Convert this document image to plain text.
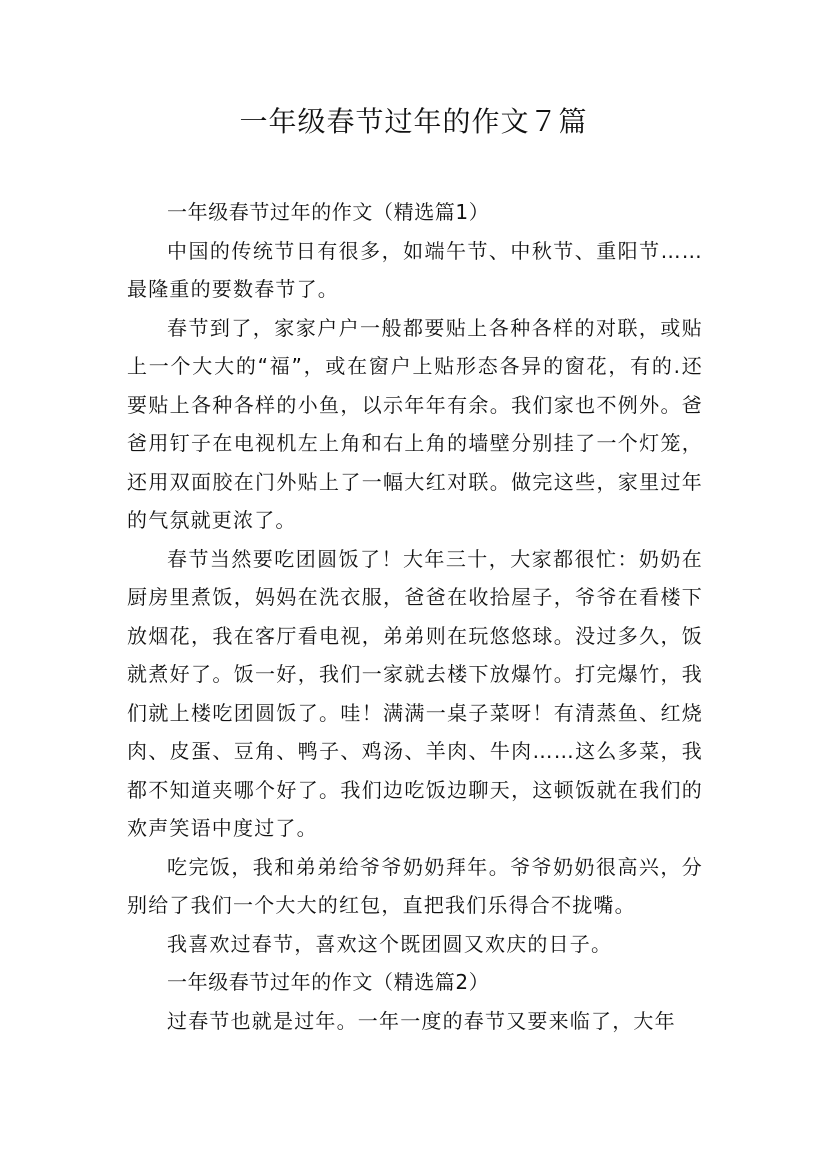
一年级春节过年的作文７篇

一年级春节过年的作文（精选篇1）

中国的传统节日有很多，如端午节、中秋节、重阳节……最隆重的要数春节了。

春节到了，家家户户一般都要贴上各种各样的对联，或贴上一个大大的“福”，或在窗户上贴形态各异的窗花，有的.还要贴上各种各样的小鱼，以示年年有余。我们家也不例外。爸爸用钉子在电视机左上角和右上角的墙壁分别挂了一个灯笼，还用双面胶在门外贴上了一幅大红对联。做完这些，家里过年的气氛就更浓了。

春节当然要吃团圆饭了！大年三十，大家都很忙：奶奶在厨房里煮饭，妈妈在洗衣服，爸爸在收拾屋子，爷爷在看楼下放烟花，我在客厅看电视，弟弟则在玩悠悠球。没过多久，饭就煮好了。饭一好，我们一家就去楼下放爆竹。打完爆竹，我们就上楼吃团圆饭了。哇！满满一桌子菜呀！有清蒸鱼、红烧肉、皮蛋、豆角、鸭子、鸡汤、羊肉、牛肉……这么多菜，我都不知道夹哪个好了。我们边吃饭边聊天，这顿饭就在我们的欢声笑语中度过了。

吃完饭，我和弟弟给爷爷奶奶拜年。爷爷奶奶很高兴，分别给了我们一个大大的红包，直把我们乐得合不拢嘴。

我喜欢过春节，喜欢这个既团圆又欢庆的日子。

一年级春节过年的作文（精选篇2）

过春节也就是过年。一年一度的春节又要来临了，大年
